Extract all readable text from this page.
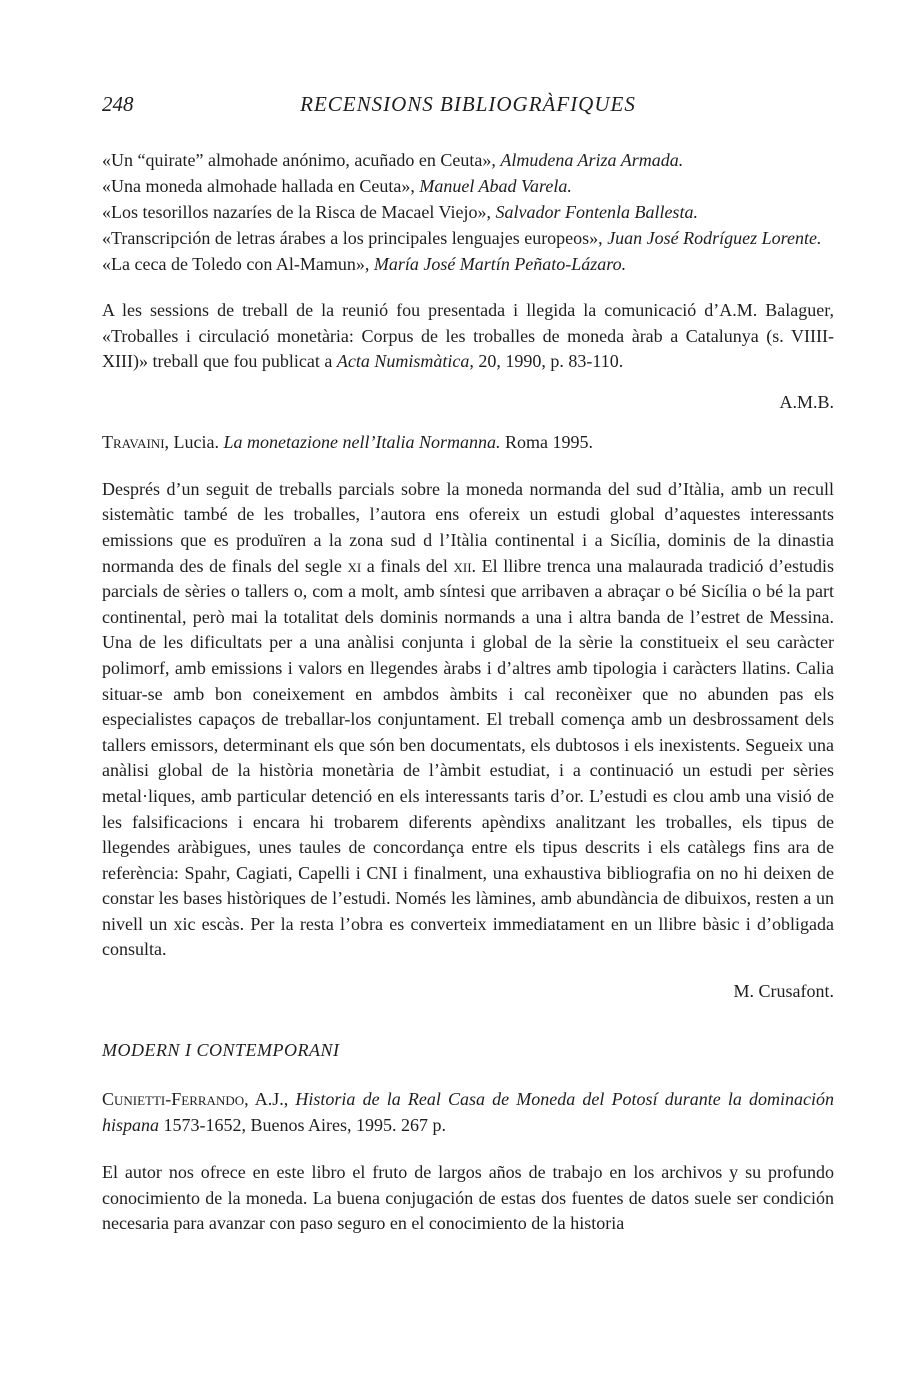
248	RECENSIONS BIBLIOGRÀFIQUES

«Un “quirate” almohade anónimo, acuñado en Ceuta», Almudena Ariza Armada.

«Una moneda almohade hallada en Ceuta», Manuel Abad Varela.

«Los tesorillos nazaríes de la Risca de Macael Viejo», Salvador Fontenla Ballesta.

«Transcripción de letras árabes a los principales lenguajes europeos», Juan José Rodríguez Lorente.

«La ceca de Toledo con Al-Mamun», María José Martín Peñato-Lázaro.

A les sessions de treball de la reunió fou presentada i llegida la comunicació d’A.M. Balaguer, «Troballes i circulació monetària: Corpus de les troballes de moneda àrab a Catalunya (s. VIIII-XIII)» treball que fou publicat a Acta Numismàtica, 20, 1990, p. 83-110.

A.M.B.

Travaini, Lucia. La monetazione nell’Italia Normanna. Roma 1995.

Després d’un seguit de treballs parcials sobre la moneda normanda del sud d’Itàlia, amb un recull sistemàtic també de les troballes, l’autora ens ofereix un estudi global d’aquestes interessants emissions que es produïren a la zona sud d l’Itàlia continental i a Sicília, dominis de la dinastia normanda des de finals del segle xi a finals del xii. El llibre trenca una malaurada tradició d’estudis parcials de sèries o tallers o, com a molt, amb síntesi que arribaven a abraçar o bé Sicília o bé la part continental, però mai la totalitat dels dominis normands a una i altra banda de l’estret de Messina. Una de les dificultats per a una anàlisi conjunta i global de la sèrie la constitueix el seu caràcter polimorf, amb emissions i valors en llegendes àrabs i d’altres amb tipologia i caràcters llatins. Calia situar-se amb bon coneixement en ambdos àmbits i cal reconèixer que no abunden pas els especialistes capaços de treballar-los conjuntament. El treball comença amb un desbrossament dels tallers emissors, determinant els que són ben documentats, els dubtosos i els inexistents. Segueix una anàlisi global de la història monetària de l’àmbit estudiat, i a continuació un estudi per sèries metal·liques, amb particular detenció en els interessants taris d’or. L’estudi es clou amb una visió de les falsificacions i encara hi trobarem diferents apèndixs analitzant les troballes, els tipus de llegendes aràbigues, unes taules de concordança entre els tipus descrits i els catàlegs fins ara de referència: Spahr, Cagiati, Capelli i CNI i finalment, una exhaustiva bibliografia on no hi deixen de constar les bases històriques de l’estudi. Només les làmines, amb abundància de dibuixos, resten a un nivell un xic escàs. Per la resta l’obra es converteix immediatament en un llibre bàsic i d’obligada consulta.

M. Crusafont.

MODERN I CONTEMPORANI

Cunietti-Ferrando, A.J., Historia de la Real Casa de Moneda del Potosí durante la dominación hispana 1573-1652, Buenos Aires, 1995. 267 p.

El autor nos ofrece en este libro el fruto de largos años de trabajo en los archivos y su profundo conocimiento de la moneda. La buena conjugación de estas dos fuentes de datos suele ser condición necesaria para avanzar con paso seguro en el conocimiento de la historia
